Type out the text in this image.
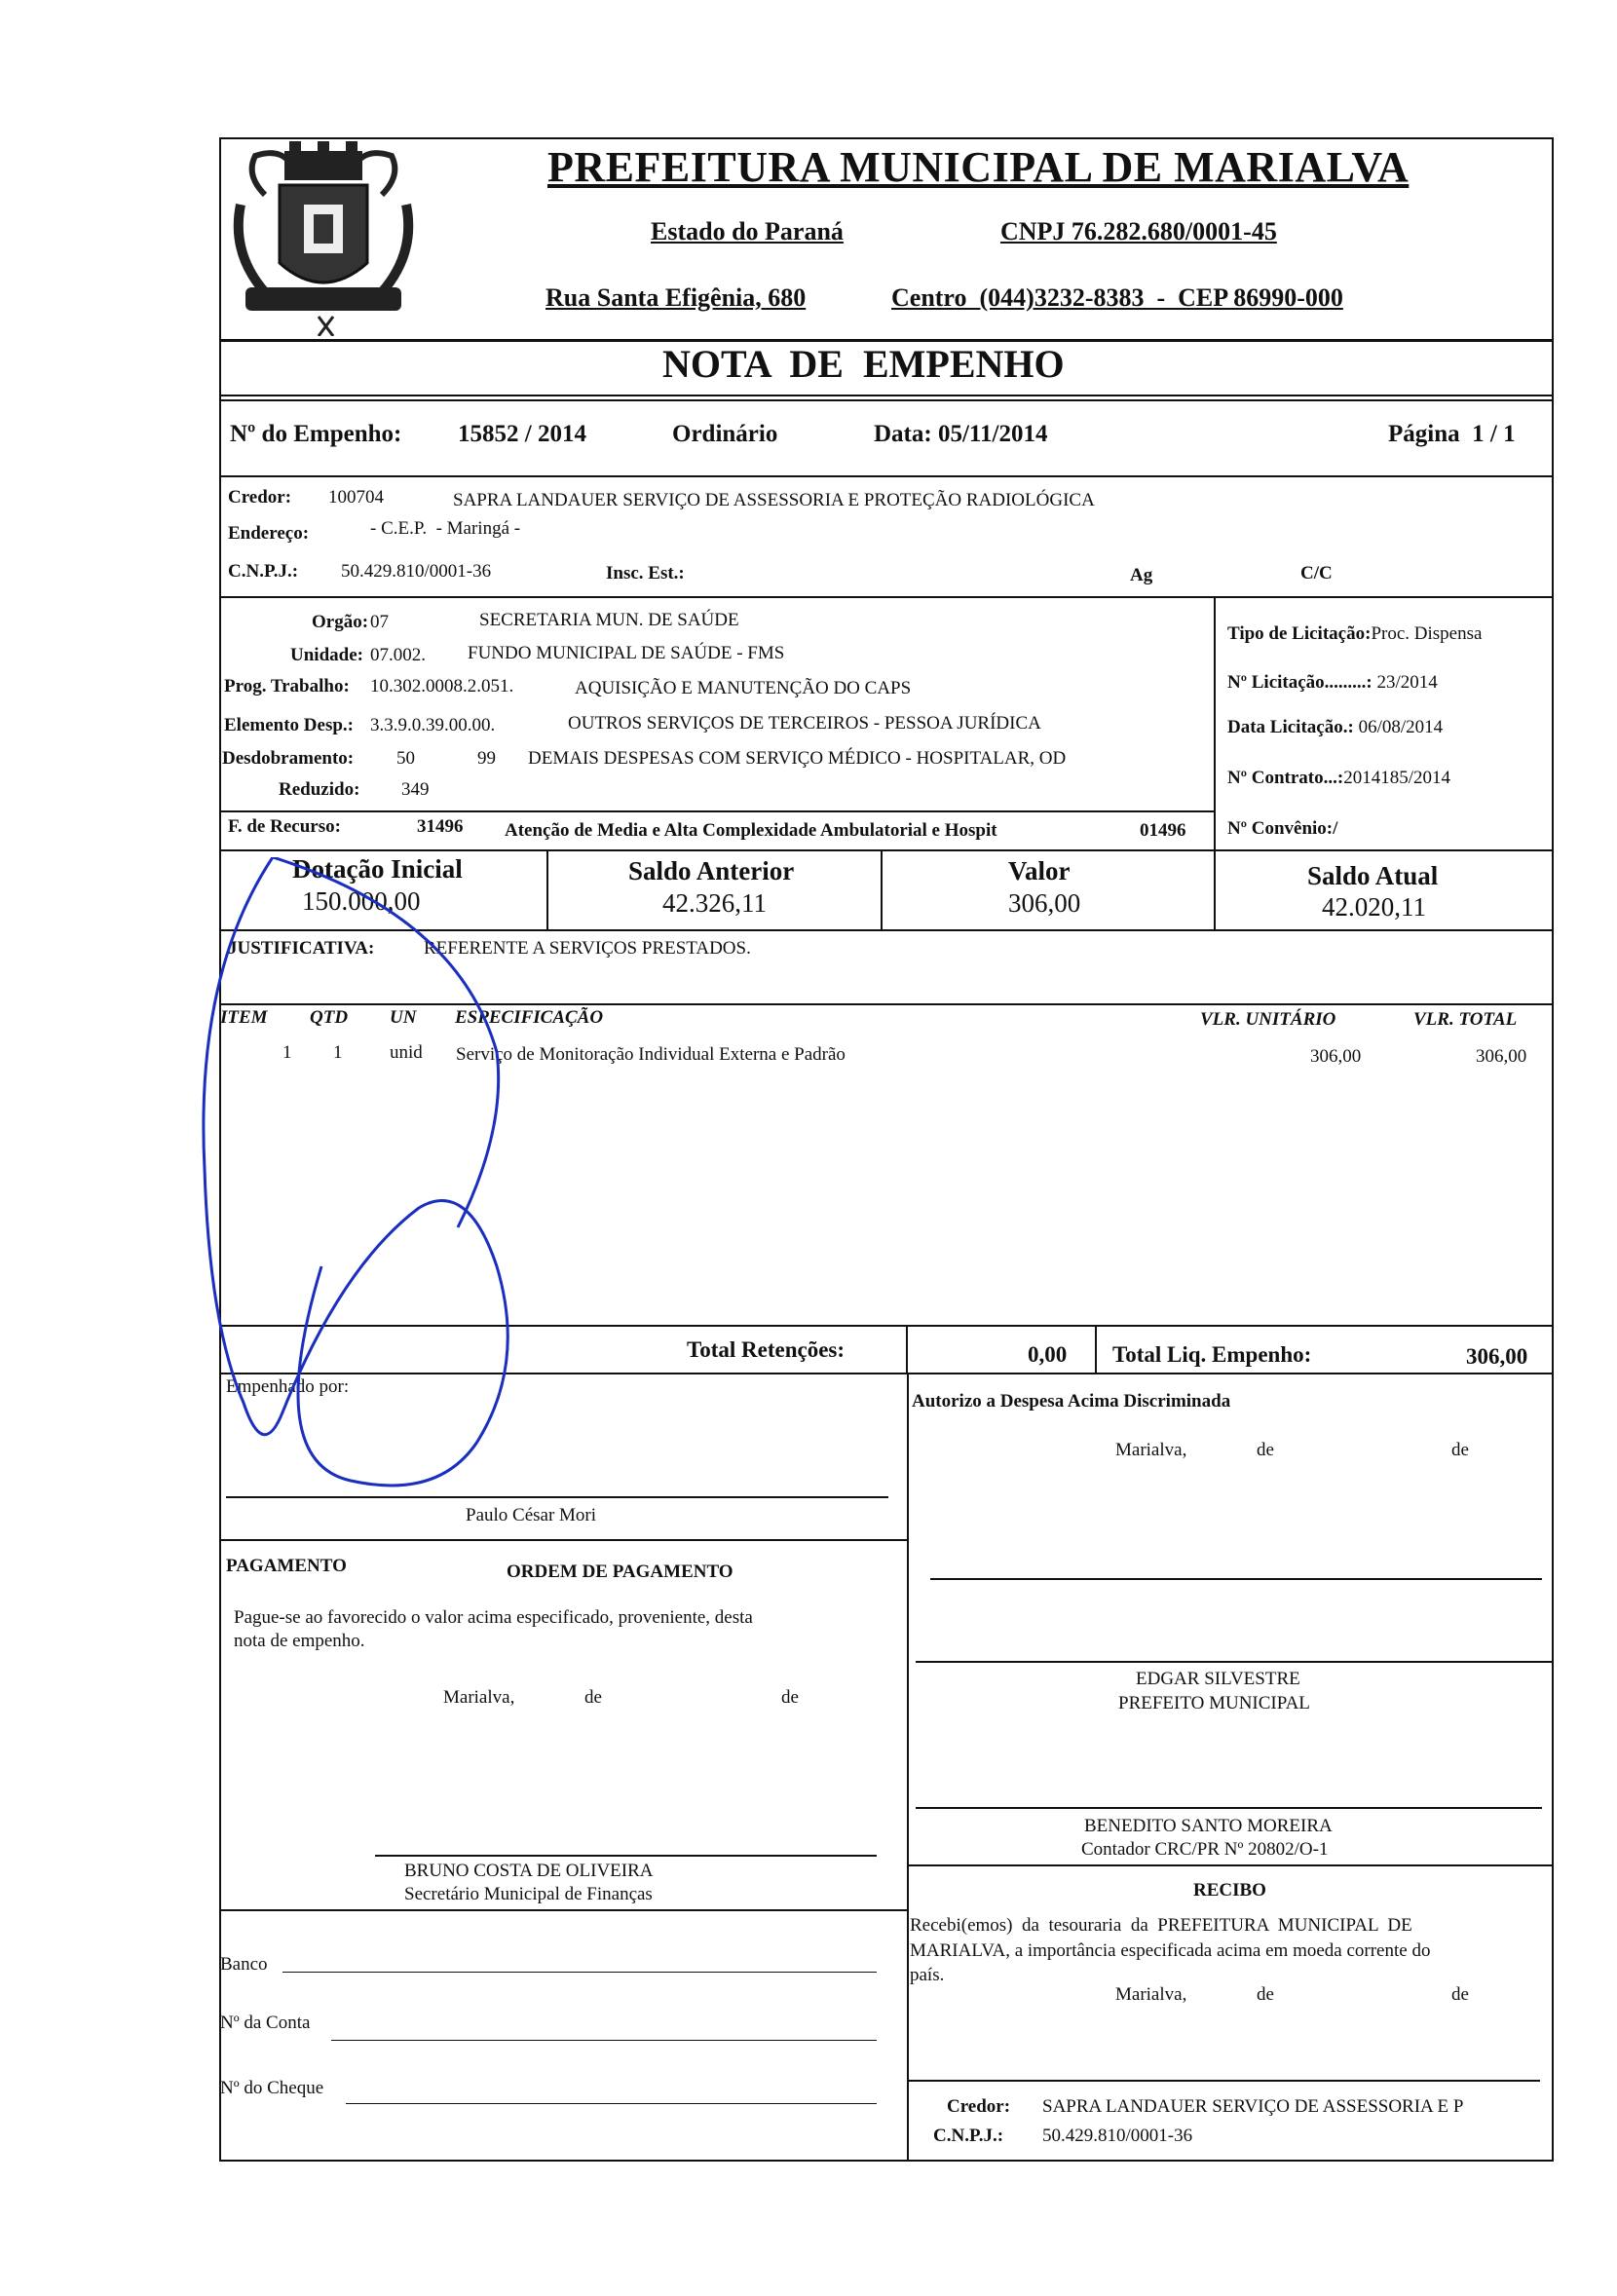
PREFEITURA MUNICIPAL DE MARIALVA
Estado do Paraná	CNPJ 76.282.680/0001-45
Rua Santa Efigênia, 680	Centro  (044)3232-8383  -  CEP 86990-000
NOTA  DE  EMPENHO
Nº do Empenho: 15852 / 2014	Ordinário	Data: 05/11/2014	Página  1 / 1
Credor: 100704	SAPRA LANDAUER SERVIÇO DE ASSESSORIA E PROTEÇÃO RADIOLÓGICA
Endereço:	- C.E.P.  - Maringá -
C.N.P.J.: 50.429.810/0001-36	Insc. Est.:	Ag	C/C
Orgão: 07	SECRETARIA MUN. DE SAÚDE
Unidade: 07.002. FUNDO MUNICIPAL DE SAÚDE - FMS
Prog. Trabalho: 10.302.0008.2.051.	AQUISIÇÃO E MANUTENÇÃO DO CAPS
Elemento Desp.: 3.3.9.0.39.00.00.	OUTROS SERVIÇOS DE TERCEIROS - PESSOA JURÍDICA
Desdobramento: 50	99 DEMAIS DESPESAS COM SERVIÇO MÉDICO - HOSPITALAR, OD
Reduzido: 349
F. de Recurso:	31496 Atenção de Media e Alta Complexidade Ambulatorial e Hospit	01496
Tipo de Licitação:Proc. Dispensa
Nº Licitação.........: 23/2014
Data Licitação.: 06/08/2014
Nº Contrato...:2014185/2014
Nº Convênio:/
Dotação Inicial
150.000,00
Saldo Anterior
42.326,11
Valor
306,00
Saldo Atual
42.020,11
JUSTIFICATIVA:	REFERENTE A SERVIÇOS PRESTADOS.
ITEM QTD UN ESPECIFICAÇÃO	VLR. UNITÁRIO	VLR. TOTAL
1 1	unid Serviço de Monitoração Individual Externa e Padrão	306,00	306,00
Total Retenções:	0,00 Total Liq. Empenho:	306,00
Empenhado por:
Paulo César Mori
Autorizo a Despesa Acima Discriminada
Marialva,	de	de
PAGAMENTO	ORDEM DE PAGAMENTO
Pague-se ao favorecido o valor acima especificado, proveniente, desta
nota de empenho.
Marialva,	de	de
EDGAR SILVESTRE
PREFEITO MUNICIPAL
BENEDITO SANTO MOREIRA
Contador CRC/PR Nº 20802/O-1
BRUNO COSTA DE OLIVEIRA
Secretário Municipal de Finanças
Banco
Nº da Conta
Nº do Cheque
RECIBO
Recebi(emos)  da  tesouraria  da  PREFEITURA  MUNICIPAL  DE
MARIALVA, a importância especificada acima em moeda corrente do
país.
Marialva,	de	de
Credor: SAPRA LANDAUER SERVIÇO DE ASSESSORIA E P
C.N.P.J.: 50.429.810/0001-36
